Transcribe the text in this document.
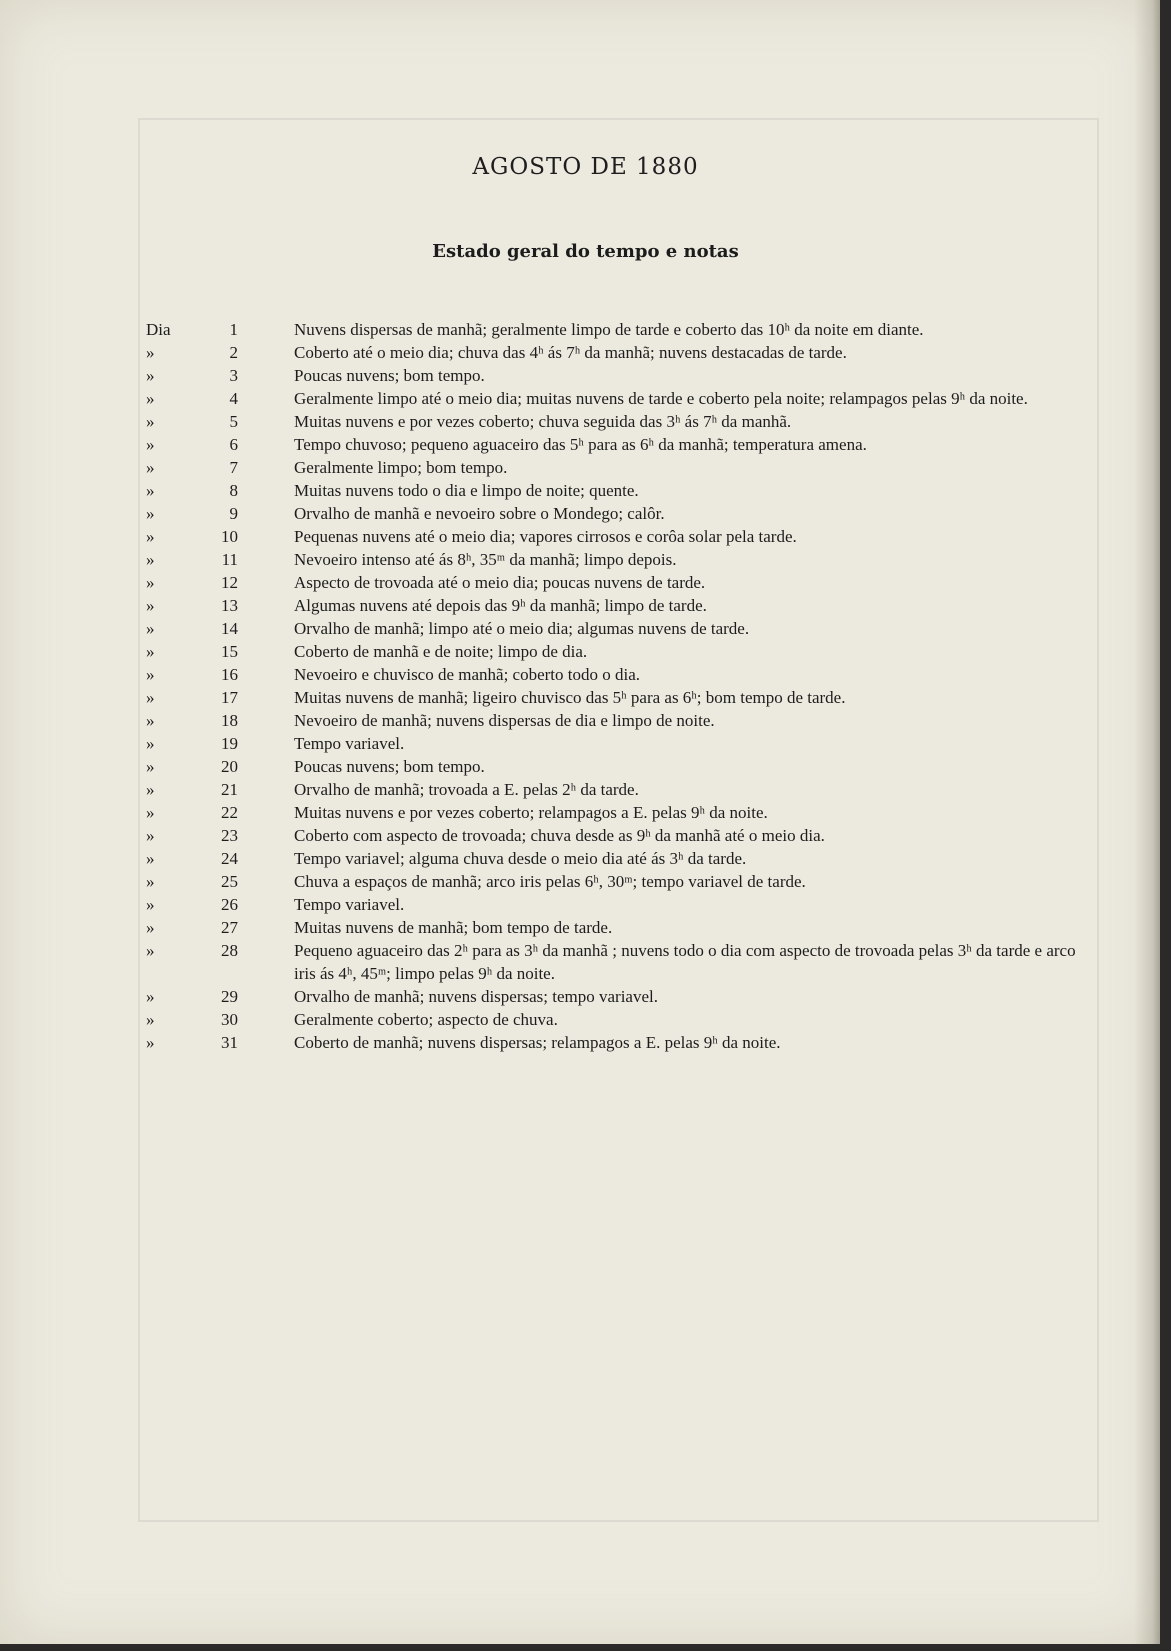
AGOSTO DE 1880
Estado geral do tempo e notas
Dia	1	Nuvens dispersas de manhã; geralmente limpo de tarde e coberto das 10ʰ da noite em diante.
»	2	Coberto até o meio dia; chuva das 4ʰ ás 7ʰ da manhã; nuvens destacadas de tarde.
»	3	Poucas nuvens; bom tempo.
»	4	Geralmente limpo até o meio dia; muitas nuvens de tarde e coberto pela noite; relampagos pelas 9ʰ da noite.
»	5	Muitas nuvens e por vezes coberto; chuva seguida das 3ʰ ás 7ʰ da manhã.
»	6	Tempo chuvoso; pequeno aguaceiro das 5ʰ para as 6ʰ da manhã; temperatura amena.
»	7	Geralmente limpo; bom tempo.
»	8	Muitas nuvens todo o dia e limpo de noite; quente.
»	9	Orvalho de manhã e nevoeiro sobre o Mondego; calôr.
»	10	Pequenas nuvens até o meio dia; vapores cirrosos e corôa solar pela tarde.
»	11	Nevoeiro intenso até ás 8ʰ, 35ᵐ da manhã; limpo depois.
»	12	Aspecto de trovoada até o meio dia; poucas nuvens de tarde.
»	13	Algumas nuvens até depois das 9ʰ da manhã; limpo de tarde.
»	14	Orvalho de manhã; limpo até o meio dia; algumas nuvens de tarde.
»	15	Coberto de manhã e de noite; limpo de dia.
»	16	Nevoeiro e chuvisco de manhã; coberto todo o dia.
»	17	Muitas nuvens de manhã; ligeiro chuvisco das 5ʰ para as 6ʰ; bom tempo de tarde.
»	18	Nevoeiro de manhã; nuvens dispersas de dia e limpo de noite.
»	19	Tempo variavel.
»	20	Poucas nuvens; bom tempo.
»	21	Orvalho de manhã; trovoada a E. pelas 2ʰ da tarde.
»	22	Muitas nuvens e por vezes coberto; relampagos a E. pelas 9ʰ da noite.
»	23	Coberto com aspecto de trovoada; chuva desde as 9ʰ da manhã até o meio dia.
»	24	Tempo variavel; alguma chuva desde o meio dia até ás 3ʰ da tarde.
»	25	Chuva a espaços de manhã; arco iris pelas 6ʰ, 30ᵐ; tempo variavel de tarde.
»	26	Tempo variavel.
»	27	Muitas nuvens de manhã; bom tempo de tarde.
»	28	Pequeno aguaceiro das 2ʰ para as 3ʰ da manhã ; nuvens todo o dia com aspecto de trovoada pelas 3ʰ da tarde e arco iris ás 4ʰ, 45ᵐ; limpo pelas 9ʰ da noite.
»	29	Orvalho de manhã; nuvens dispersas; tempo variavel.
»	30	Geralmente coberto; aspecto de chuva.
»	31	Coberto de manhã; nuvens dispersas; relampagos a E. pelas 9ʰ da noite.
